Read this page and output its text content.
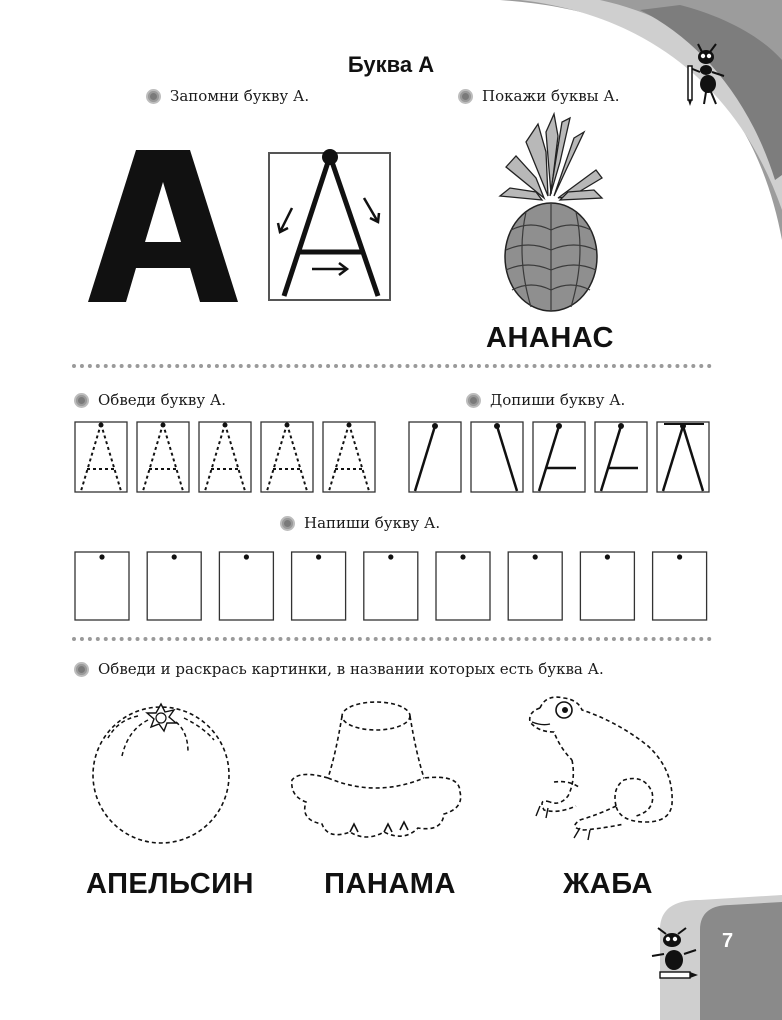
Буква А
Запомни букву А.	Покажи буквы А.
АНАНАС
Обведи букву А.	Допиши букву А.
Напиши букву А.
Обведи и раскрась картинки, в названии которых есть буква А.
АПЕЛЬСИН	ПАНАМА	ЖАБА
7
